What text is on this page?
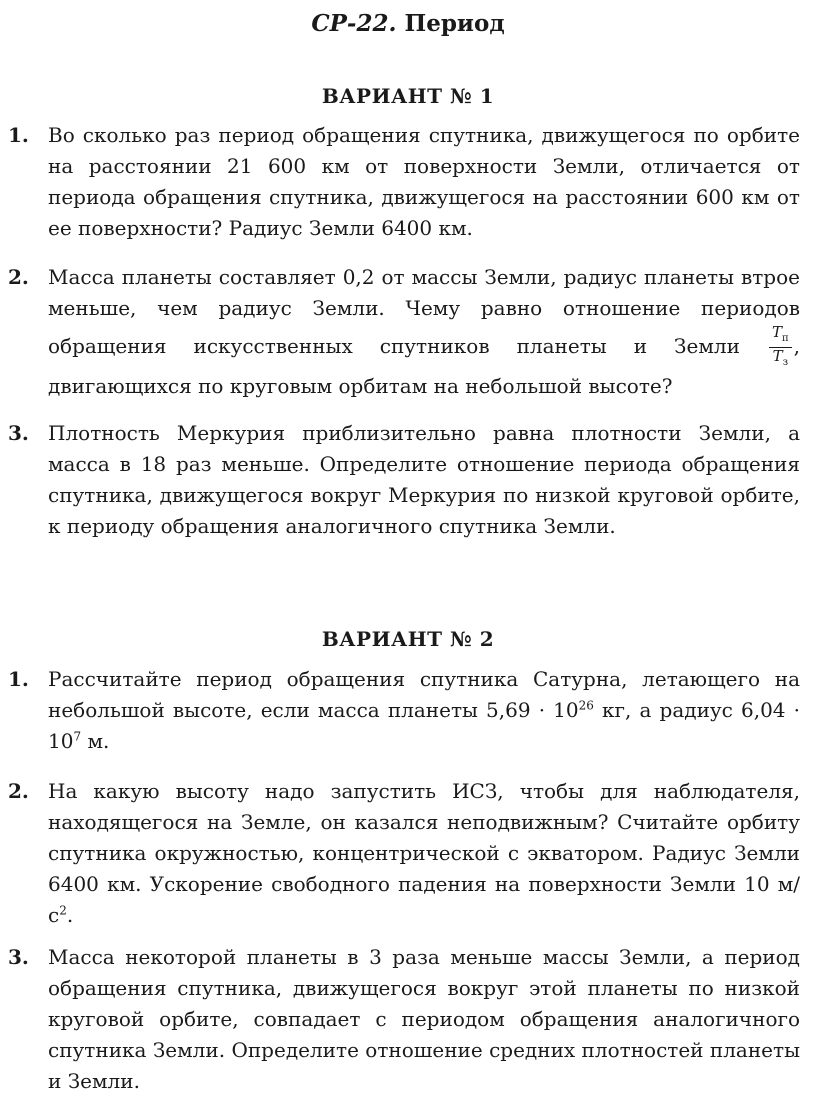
СР-22. Период
ВАРИАНТ № 1
1. Во сколько раз период обращения спутника, движущегося по орбите на расстоянии 21 600 км от поверхности Земли, отличается от периода обращения спутника, движущегося на расстоянии 600 км от ее поверхности? Радиус Земли 6400 км.
2. Масса планеты составляет 0,2 от массы Земли, радиус планеты втрое меньше, чем радиус Земли. Чему равно отношение периодов обращения искусственных спутников планеты и Земли $\frac{T_п}{T_з}$ , двигающихся по круговым орбитам на небольшой высоте?
3. Плотность Меркурия приблизительно равна плотности Земли, а масса в 18 раз меньше. Определите отношение периода обращения спутника, движущегося вокруг Меркурия по низкой круговой орбите, к периоду обращения аналогичного спутника Земли.
ВАРИАНТ № 2
1. Рассчитайте период обращения спутника Сатурна, летающего на небольшой высоте, если масса планеты $5,69 \cdot 10^{26}$ кг, а радиус $6,04 \cdot 10^7$ м.
2. На какую высоту надо запустить ИСЗ, чтобы для наблюдателя, находящегося на Земле, он казался неподвижным? Считайте орбиту спутника окружностью, концентрической с экватором. Радиус Земли 6400 км. Ускорение свободного падения на поверхности Земли 10 $м/с^2$.
3. Масса некоторой планеты в 3 раза меньше массы Земли, а период обращения спутника, движущегося вокруг этой планеты по низкой круговой орбите, совпадает с периодом обращения аналогичного спутника Земли. Определите отношение средних плотностей планеты и Земли.
